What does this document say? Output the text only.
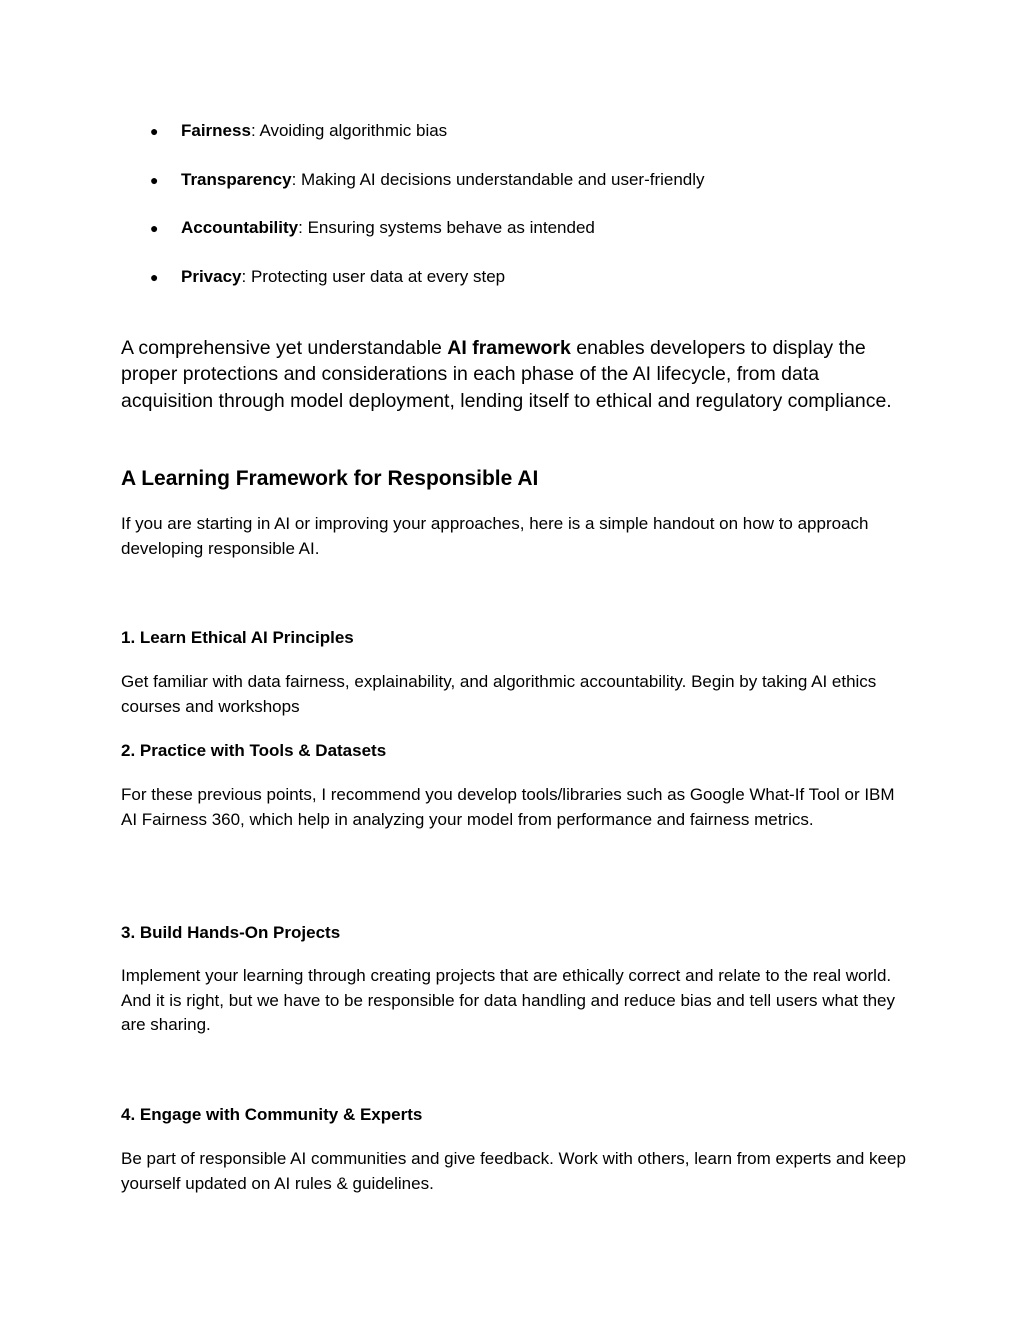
● Fairness: Avoiding algorithmic bias
● Transparency: Making AI decisions understandable and user-friendly
● Accountability: Ensuring systems behave as intended
● Privacy: Protecting user data at every step

A comprehensive yet understandable AI framework enables developers to display the proper protections and considerations in each phase of the AI lifecycle, from data acquisition through model deployment, lending itself to ethical and regulatory compliance.

A Learning Framework for Responsible AI

If you are starting in AI or improving your approaches, here is a simple handout on how to approach developing responsible AI.

1. Learn Ethical AI Principles

Get familiar with data fairness, explainability, and algorithmic accountability. Begin by taking AI ethics courses and workshops

2. Practice with Tools & Datasets

For these previous points, I recommend you develop tools/libraries such as Google What-If Tool or IBM AI Fairness 360, which help in analyzing your model from performance and fairness metrics.

3. Build Hands-On Projects

Implement your learning through creating projects that are ethically correct and relate to the real world. And it is right, but we have to be responsible for data handling and reduce bias and tell users what they are sharing.

4. Engage with Community & Experts

Be part of responsible AI communities and give feedback. Work with others, learn from experts and keep yourself updated on AI rules & guidelines.
